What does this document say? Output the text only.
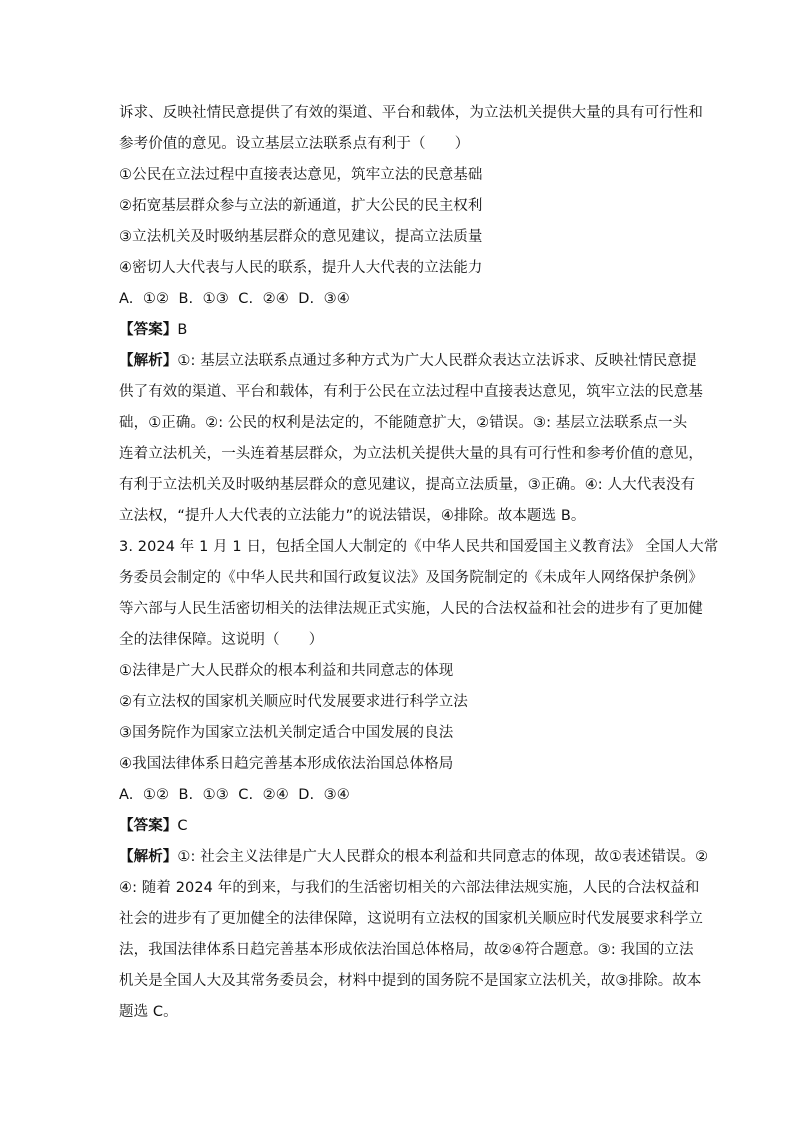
诉求、反映社情民意提供了有效的渠道、平台和载体，为立法机关提供大量的具有可行性和
参考价值的意见。设立基层立法联系点有利于（　　）
①公民在立法过程中直接表达意见，筑牢立法的民意基础
②拓宽基层群众参与立法的新通道，扩大公民的民主权利
③立法机关及时吸纳基层群众的意见建议，提高立法质量
④密切人大代表与人民的联系，提升人大代表的立法能力
A.  ①②  B.  ①③  C.  ②④  D.  ③④
【答案】B
【解析】①: 基层立法联系点通过多种方式为广大人民群众表达立法诉求、反映社情民意提
供了有效的渠道、平台和载体，有利于公民在立法过程中直接表达意见，筑牢立法的民意基
础，①正确。②: 公民的权利是法定的，不能随意扩大，②错误。③: 基层立法联系点一头
连着立法机关，一头连着基层群众，为立法机关提供大量的具有可行性和参考价值的意见，
有利于立法机关及时吸纳基层群众的意见建议，提高立法质量，③正确。④: 人大代表没有
立法权，“提升人大代表的立法能力”的说法错误，④排除。故本题选 B。
3. 2024 年 1 月 1 日，包括全国人大制定的《中华人民共和国爱国主义教育法》 全国人大常
务委员会制定的《中华人民共和国行政复议法》及国务院制定的《未成年人网络保护条例》
等六部与人民生活密切相关的法律法规正式实施，人民的合法权益和社会的进步有了更加健
全的法律保障。这说明（　　）
①法律是广大人民群众的根本利益和共同意志的体现
②有立法权的国家机关顺应时代发展要求进行科学立法
③国务院作为国家立法机关制定适合中国发展的良法
④我国法律体系日趋完善基本形成依法治国总体格局
A.  ①②  B.  ①③  C.  ②④  D.  ③④
【答案】C
【解析】①: 社会主义法律是广大人民群众的根本利益和共同意志的体现，故①表述错误。②
④: 随着 2024 年的到来，与我们的生活密切相关的六部法律法规实施，人民的合法权益和
社会的进步有了更加健全的法律保障，这说明有立法权的国家机关顺应时代发展要求科学立
法，我国法律体系日趋完善基本形成依法治国总体格局，故②④符合题意。③: 我国的立法
机关是全国人大及其常务委员会，材料中提到的国务院不是国家立法机关，故③排除。故本
题选 C。
